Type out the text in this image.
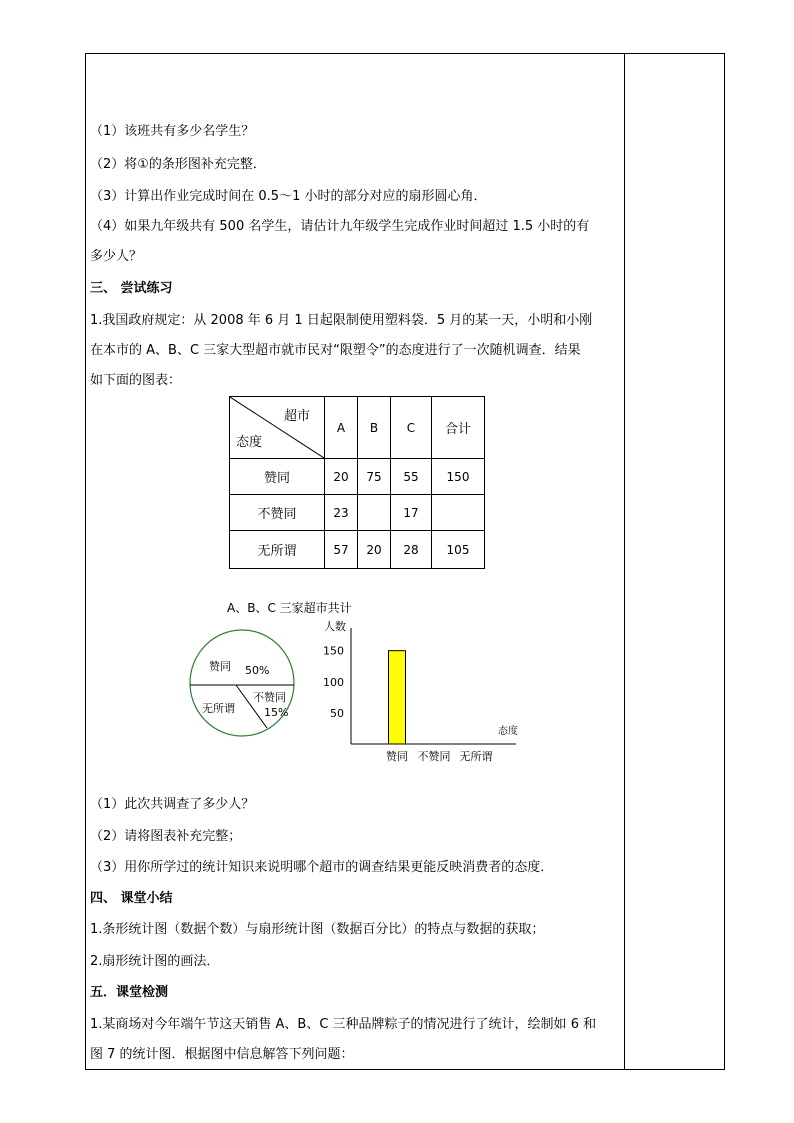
（1）该班共有多少名学生？
（2）将①的条形图补充完整．
（3）计算出作业完成时间在 0.5～1 小时的部分对应的扇形圆心角．
（4）如果九年级共有 500 名学生，请估计九年级学生完成作业时间超过 1.5 小时的有
多少人？
三、 尝试练习
1.我国政府规定：从 2008 年 6 月 1 日起限制使用塑料袋．5 月的某一天，小明和小刚
在本市的 A、B、C 三家大型超市就市民对“限塑令”的态度进行了一次随机调查．结果
如下面的图表：
超市
态度	A	B	C	合计
赞同	20	75	55	150
不赞同	23		17	
无所谓	57	20	28	105
A、B、C 三家超市共计
赞同 50%
不赞同
15%
无所谓
人数
态度
50
100
150
赞同 不赞同 无所谓
（1）此次共调查了多少人？
（2）请将图表补充完整；
（3）用你所学过的统计知识来说明哪个超市的调查结果更能反映消费者的态度．
四、 课堂小结
1.条形统计图（数据个数）与扇形统计图（数据百分比）的特点与数据的获取；
2.扇形统计图的画法．
五．课堂检测
1.某商场对今年端午节这天销售 A、B、C 三种品牌粽子的情况进行了统计，绘制如 6 和
图 7 的统计图．根据图中信息解答下列问题：
